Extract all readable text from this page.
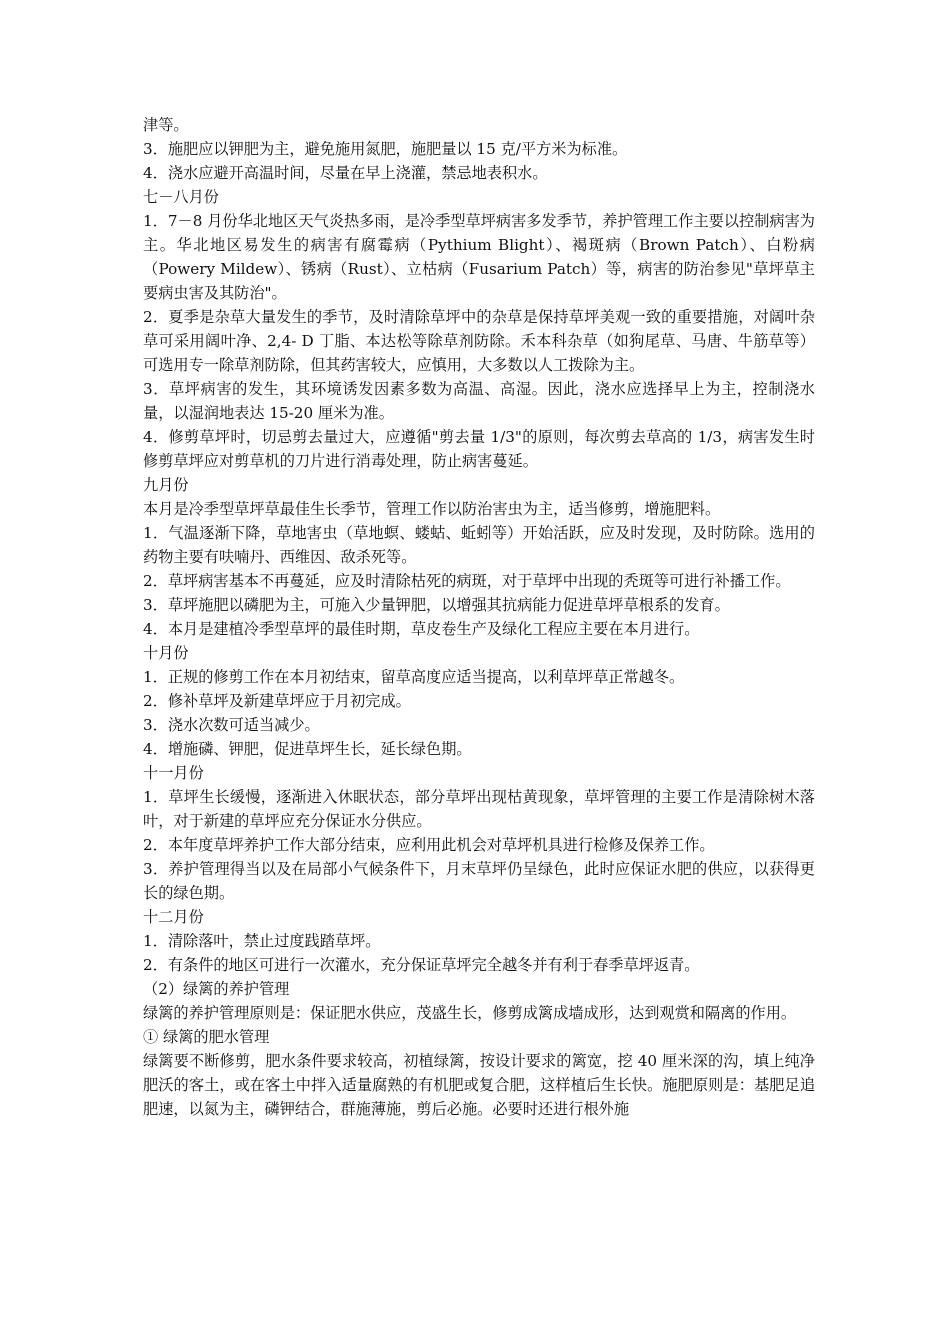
津等。

3．施肥应以钾肥为主，避免施用氮肥，施肥量以 15 克/平方米为标准。

4．浇水应避开高温时间，尽量在早上浇灌，禁忌地表积水。

七－八月份

1．7－8 月份华北地区天气炎热多雨，是冷季型草坪病害多发季节，养护管理工作主要以控制病害为主。华北地区易发生的病害有腐霉病（Pythium Blight）、褐斑病（Brown Patch）、白粉病（Powery Mildew）、锈病（Rust）、立枯病（Fusarium Patch）等，病害的防治参见"草坪草主要病虫害及其防治"。

2．夏季是杂草大量发生的季节，及时清除草坪中的杂草是保持草坪美观一致的重要措施，对阔叶杂草可采用阔叶净、2,4- D 丁脂、本达松等除草剂防除。禾本科杂草（如狗尾草、马唐、牛筋草等）可选用专一除草剂防除，但其药害较大，应慎用，大多数以人工拨除为主。

3．草坪病害的发生，其环境诱发因素多数为高温、高湿。因此，浇水应选择早上为主，控制浇水量，以湿润地表达 15-20 厘米为准。

4．修剪草坪时，切忌剪去量过大，应遵循"剪去量 1/3"的原则，每次剪去草高的 1/3，病害发生时修剪草坪应对剪草机的刀片进行消毒处理，防止病害蔓延。

九月份

本月是冷季型草坪草最佳生长季节，管理工作以防治害虫为主，适当修剪，增施肥料。

1．气温逐渐下降，草地害虫（草地螟、蝼蛄、蚯蚓等）开始活跃，应及时发现，及时防除。选用的药物主要有呋喃丹、西维因、敌杀死等。

2．草坪病害基本不再蔓延，应及时清除枯死的病斑，对于草坪中出现的秃斑等可进行补播工作。

3．草坪施肥以磷肥为主，可施入少量钾肥，以增强其抗病能力促进草坪草根系的发育。

4．本月是建植冷季型草坪的最佳时期，草皮卷生产及绿化工程应主要在本月进行。

十月份

1．正规的修剪工作在本月初结束，留草高度应适当提高，以利草坪草正常越冬。

2．修补草坪及新建草坪应于月初完成。

3．浇水次数可适当减少。

4．增施磷、钾肥，促进草坪生长，延长绿色期。

十一月份

1．草坪生长缓慢，逐渐进入休眠状态，部分草坪出现枯黄现象，草坪管理的主要工作是清除树木落叶，对于新建的草坪应充分保证水分供应。

2．本年度草坪养护工作大部分结束，应利用此机会对草坪机具进行检修及保养工作。

3．养护管理得当以及在局部小气候条件下，月末草坪仍呈绿色，此时应保证水肥的供应，以获得更长的绿色期。

十二月份

1．清除落叶，禁止过度践踏草坪。

2．有条件的地区可进行一次灌水，充分保证草坪完全越冬并有利于春季草坪返青。

（2）绿篱的养护管理

绿篱的养护管理原则是：保证肥水供应，茂盛生长，修剪成篱成墙成形，达到观赏和隔离的作用。

① 绿篱的肥水管理

绿篱要不断修剪，肥水条件要求较高，初植绿篱，按设计要求的篱宽，挖 40 厘米深的沟，填上纯净肥沃的客土，或在客土中拌入适量腐熟的有机肥或复合肥，这样植后生长快。施肥原则是：基肥足追肥速，以氮为主，磷钾结合，群施薄施，剪后必施。必要时还进行根外施
